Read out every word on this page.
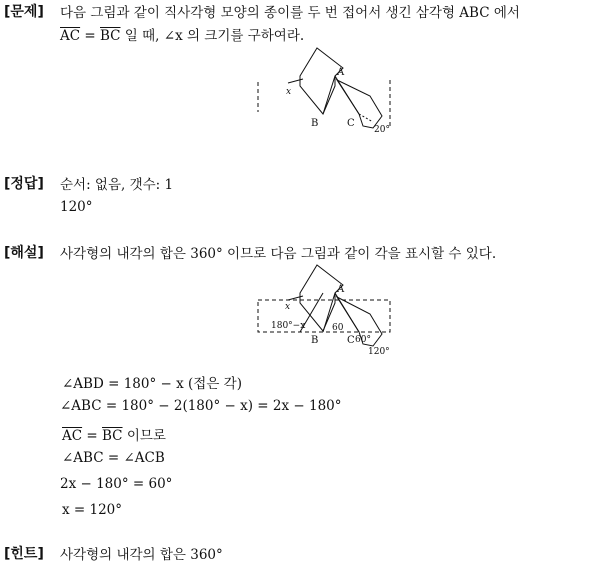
[문제] 다음 그림과 같이 직사각형 모양의 종이를 두 번 접어서 생긴 삼각형 ABC 에서
$\overline{AC} = \overline{BC}$ 일 때, ∠x 의 크기를 구하여라.
A
B	C
x
20°
[정답] 순서: 없음, 갯수: 1
120°
[해설] 사각형의 내각의 합은 360° 이므로 다음 그림과 같이 각을 표시할 수 있다.
A
B	C
x
180°−x	60
60°
120°
∠ABD = 180° − x (접은 각)
∠ABC = 180° − 2(180° − x) = 2x − 180°
$\overline{AC} = \overline{BC}$ 이므로
∠ABC = ∠ACB
2x − 180° = 60°
x = 120°
[힌트] 사각형의 내각의 합은 360°
